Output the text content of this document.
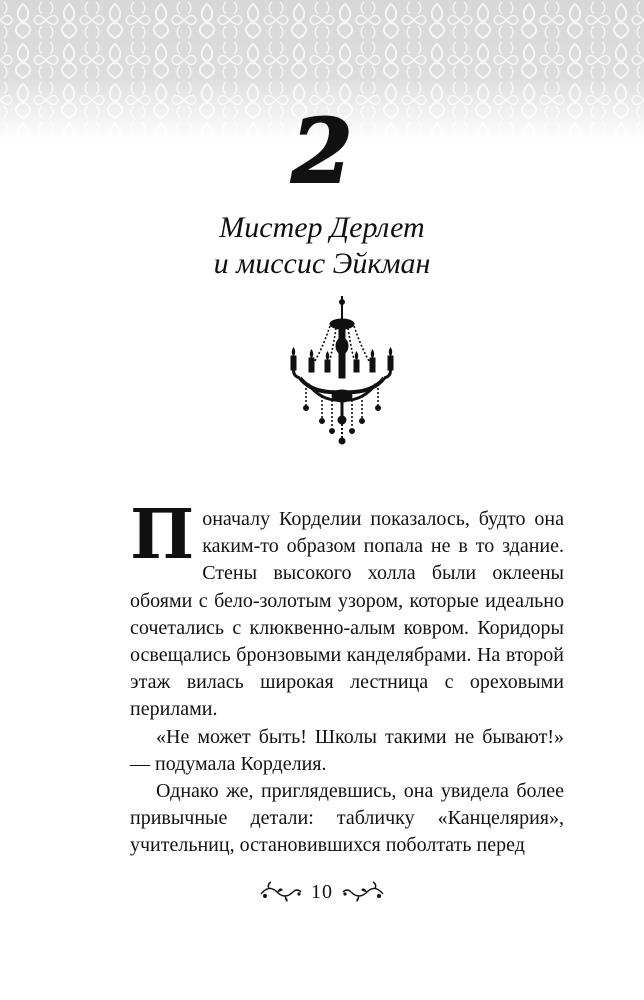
2
Мистер Дерлет
и миссис Эйкман

Поначалу Корделии показалось, будто она каким-то образом попала не в то здание. Стены высокого холла были оклеены обоями с бело-золотым узором, которые идеально сочетались с клюквенно-алым ковром. Коридоры освещались бронзовыми канделябрами. На второй этаж вилась широкая лестница с ореховыми перилами.

«Не может быть! Школы такими не бывают!» — подумала Корделия.

Однако же, приглядевшись, она увидела более привычные детали: табличку «Канцелярия», учительниц, остановившихся поболтать перед

10
